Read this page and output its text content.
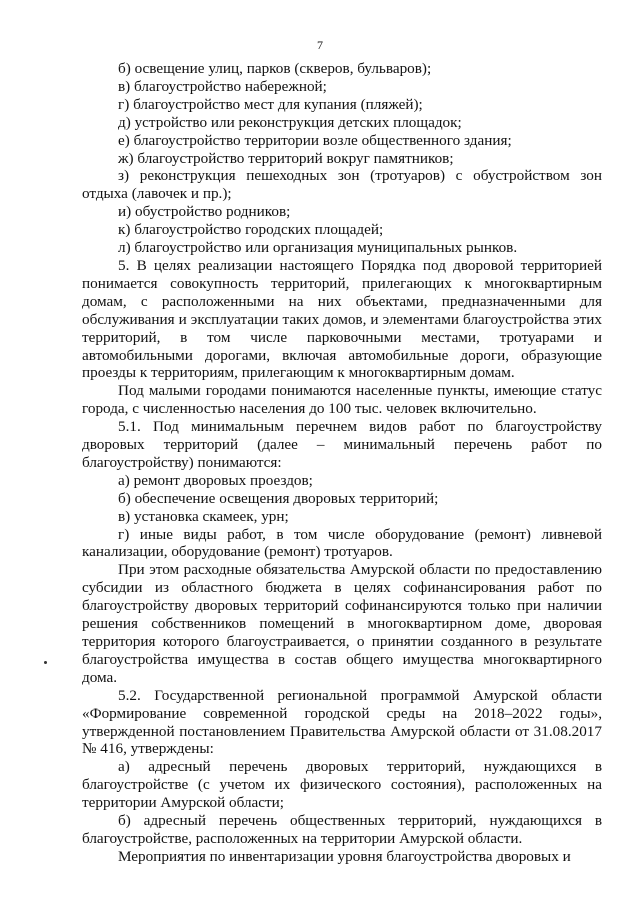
7

б) освещение улиц, парков (скверов, бульваров);

в) благоустройство набережной;

г) благоустройство мест для купания (пляжей);

д) устройство или реконструкция детских площадок;

е) благоустройство территории возле общественного здания;

ж) благоустройство территорий вокруг памятников;

з) реконструкция пешеходных зон (тротуаров) с обустройством зон отдыха (лавочек и пр.);

и) обустройство родников;

к) благоустройство городских площадей;

л) благоустройство или организация муниципальных рынков.

5. В целях реализации настоящего Порядка под дворовой территорией понимается совокупность территорий, прилегающих к многоквартирным домам, с расположенными на них объектами, предназначенными для обслуживания и эксплуатации таких домов, и элементами благоустройства этих территорий, в том числе парковочными местами, тротуарами и автомобильными дорогами, включая автомобильные дороги, образующие проезды к территориям, прилегающим к многоквартирным домам.

Под малыми городами понимаются населенные пункты, имеющие статус города, с численностью населения до 100 тыс. человек включительно.

5.1. Под минимальным перечнем видов работ по благоустройству дворовых территорий (далее – минимальный перечень работ по благоустройству) понимаются:

а) ремонт дворовых проездов;

б) обеспечение освещения дворовых территорий;

в) установка скамеек, урн;

г) иные виды работ, в том числе оборудование (ремонт) ливневой канализации, оборудование (ремонт) тротуаров.

При этом расходные обязательства Амурской области по предоставлению субсидии из областного бюджета в целях софинансирования работ по благоустройству дворовых территорий софинансируются только при наличии решения собственников помещений в многоквартирном доме, дворовая территория которого благоустраивается, о принятии созданного в результате благоустройства имущества в состав общего имущества многоквартирного дома.

5.2. Государственной региональной программой Амурской области «Формирование современной городской среды на 2018–2022 годы», утвержденной постановлением Правительства Амурской области от 31.08.2017 № 416, утверждены:

а) адресный перечень дворовых территорий, нуждающихся в благоустройстве (с учетом их физического состояния), расположенных на территории Амурской области;

б) адресный перечень общественных территорий, нуждающихся в благоустройстве, расположенных на территории Амурской области.

Мероприятия по инвентаризации уровня благоустройства дворовых и
